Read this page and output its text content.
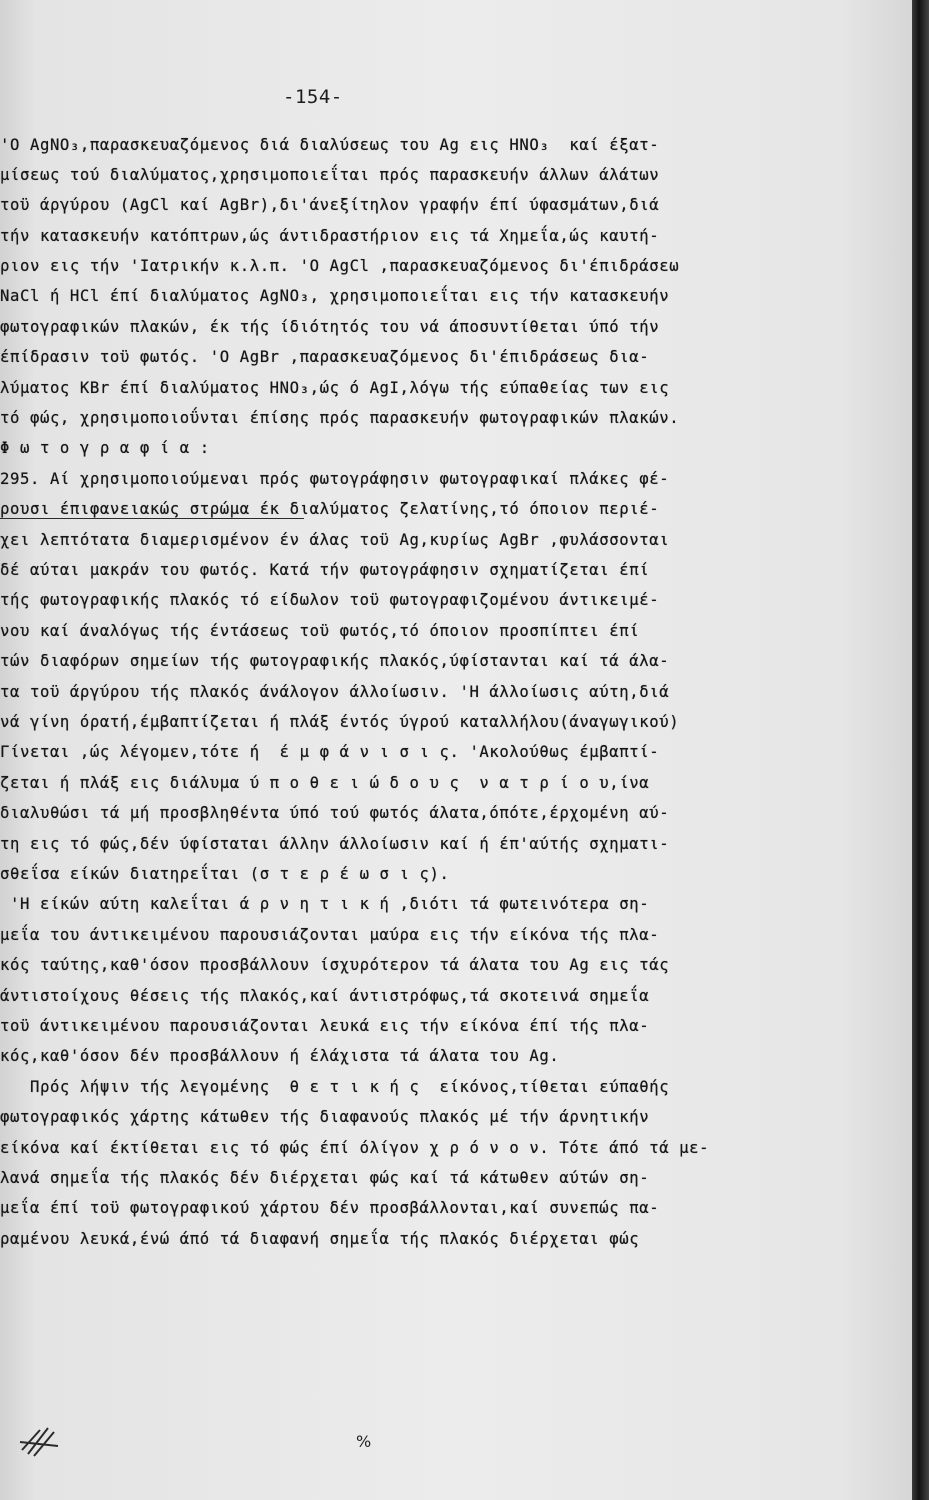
-154-
'Ο AgNO₃,παρασκευαζόμενος διά διαλύσεως του Ag εις ΗΝΟ₃  καί έξατ-
μίσεως τού διαλύματος,χρησιμοποιεΐται πρός παρασκευήν άλλων άλάτων
τοϋ άργύρου (AgCl καί AgBr),δι'άνεξίτηλον γραφήν έπί ύφασμάτων,διά
τήν κατασκευήν κατόπτρων,ώς άντιδραστήριον εις τά Χημεΐα,ώς καυτή-
ριον εις τήν 'Ιατρικήν κ.λ.π. 'Ο AgCl ,παρασκευαζόμενος δι'έπιδράσεω
NaCl ή HCl έπί διαλύματος AgNO₃, χρησιμοποιεΐται εις τήν κατασκευήν
φωτογραφικών πλακών, έκ τής ίδιότητός του νά άποσυντίθεται ύπό τήν
έπίδρασιν τοϋ φωτός. 'Ο AgBr ,παρασκευαζόμενος δι'έπιδράσεως δια-
λύματος KBr έπί διαλύματος ΗΝΟ₃,ώς ό AgI,λόγω τής εύπαθείας των εις
τό φώς, χρησιμοποιοΰνται έπίσης πρός παρασκευήν φωτογραφικών πλακών.
Φ ω τ ο γ ρ α φ ί α :
295. Αί χρησιμοποιούμεναι πρός φωτογράφησιν φωτογραφικαί πλάκες φέ-
ρουσι έπιφανειακώς στρώμα έκ διαλύματος ζελατίνης,τό όποιον περιέ-
χει λεπτότατα διαμερισμένον έν άλας τοϋ Ag,κυρίως AgBr ,φυλάσσονται
δέ αύται μακράν του φωτός. Κατά τήν φωτογράφησιν σχηματίζεται έπί
τής φωτογραφικής πλακός τό είδωλον τοϋ φωτογραφιζομένου άντικειμέ-
νου καί άναλόγως τής έντάσεως τοϋ φωτός,τό όποιον προσπίπτει έπί
τών διαφόρων σημείων τής φωτογραφικής πλακός,ύφίστανται καί τά άλα-
τα τοϋ άργύρου τής πλακός άνάλογον άλλοίωσιν. 'Η άλλοίωσις αύτη,διά
νά γίνη όρατή,έμβαπτίζεται ή πλάξ έντός ύγρού καταλλήλου(άναγωγικού)
Γίνεται ,ώς λέγομεν,τότε ή  έ μ φ ά ν ι σ ι ς. 'Ακολούθως έμβαπτί-
ζεται ή πλάξ εις διάλυμα ύ π ο θ ε ι ώ δ ο υ ς  ν α τ ρ ί ο υ,ίνα
διαλυθώσι τά μή προσβληθέντα ύπό τού φωτός άλατα,όπότε,έρχομένη αύ-
τη εις τό φώς,δέν ύφίσταται άλλην άλλοίωσιν καί ή έπ'αύτής σχηματι-
σθεΐσα είκών διατηρεΐται (σ τ ε ρ έ ω σ ι ς).
'Η είκών αύτη καλεΐται ά ρ ν η τ ι κ ή ,διότι τά φωτεινότερα ση-
μεΐα του άντικειμένου παρουσιάζονται μαύρα εις τήν είκόνα τής πλα-
κός ταύτης,καθ'όσον προσβάλλουν ίσχυρότερον τά άλατα του Ag εις τάς
άντιστοίχους θέσεις τής πλακός,καί άντιστρόφως,τά σκοτεινά σημεΐα
τοϋ άντικειμένου παρουσιάζονται λευκά εις τήν είκόνα έπί τής πλα-
κός,καθ'όσον δέν προσβάλλουν ή έλάχιστα τά άλατα του Ag.
Πρός λήψιν τής λεγομένης  θ ε τ ι κ ή ς  είκόνος,τίθεται εύπαθής
φωτογραφικός χάρτης κάτωθεν τής διαφανούς πλακός μέ τήν άρνητικήν
είκόνα καί έκτίθεται εις τό φώς έπί όλίγον χ ρ ό ν ο ν. Τότε άπό τά με-
λανά σημεΐα τής πλακός δέν διέρχεται φώς καί τά κάτωθεν αύτών ση-
μεΐα έπί τοϋ φωτογραφικού χάρτου δέν προσβάλλονται,καί συνεπώς πα-
ραμένου λευκά,ένώ άπό τά διαφανή σημεΐα τής πλακός διέρχεται φώς
%
